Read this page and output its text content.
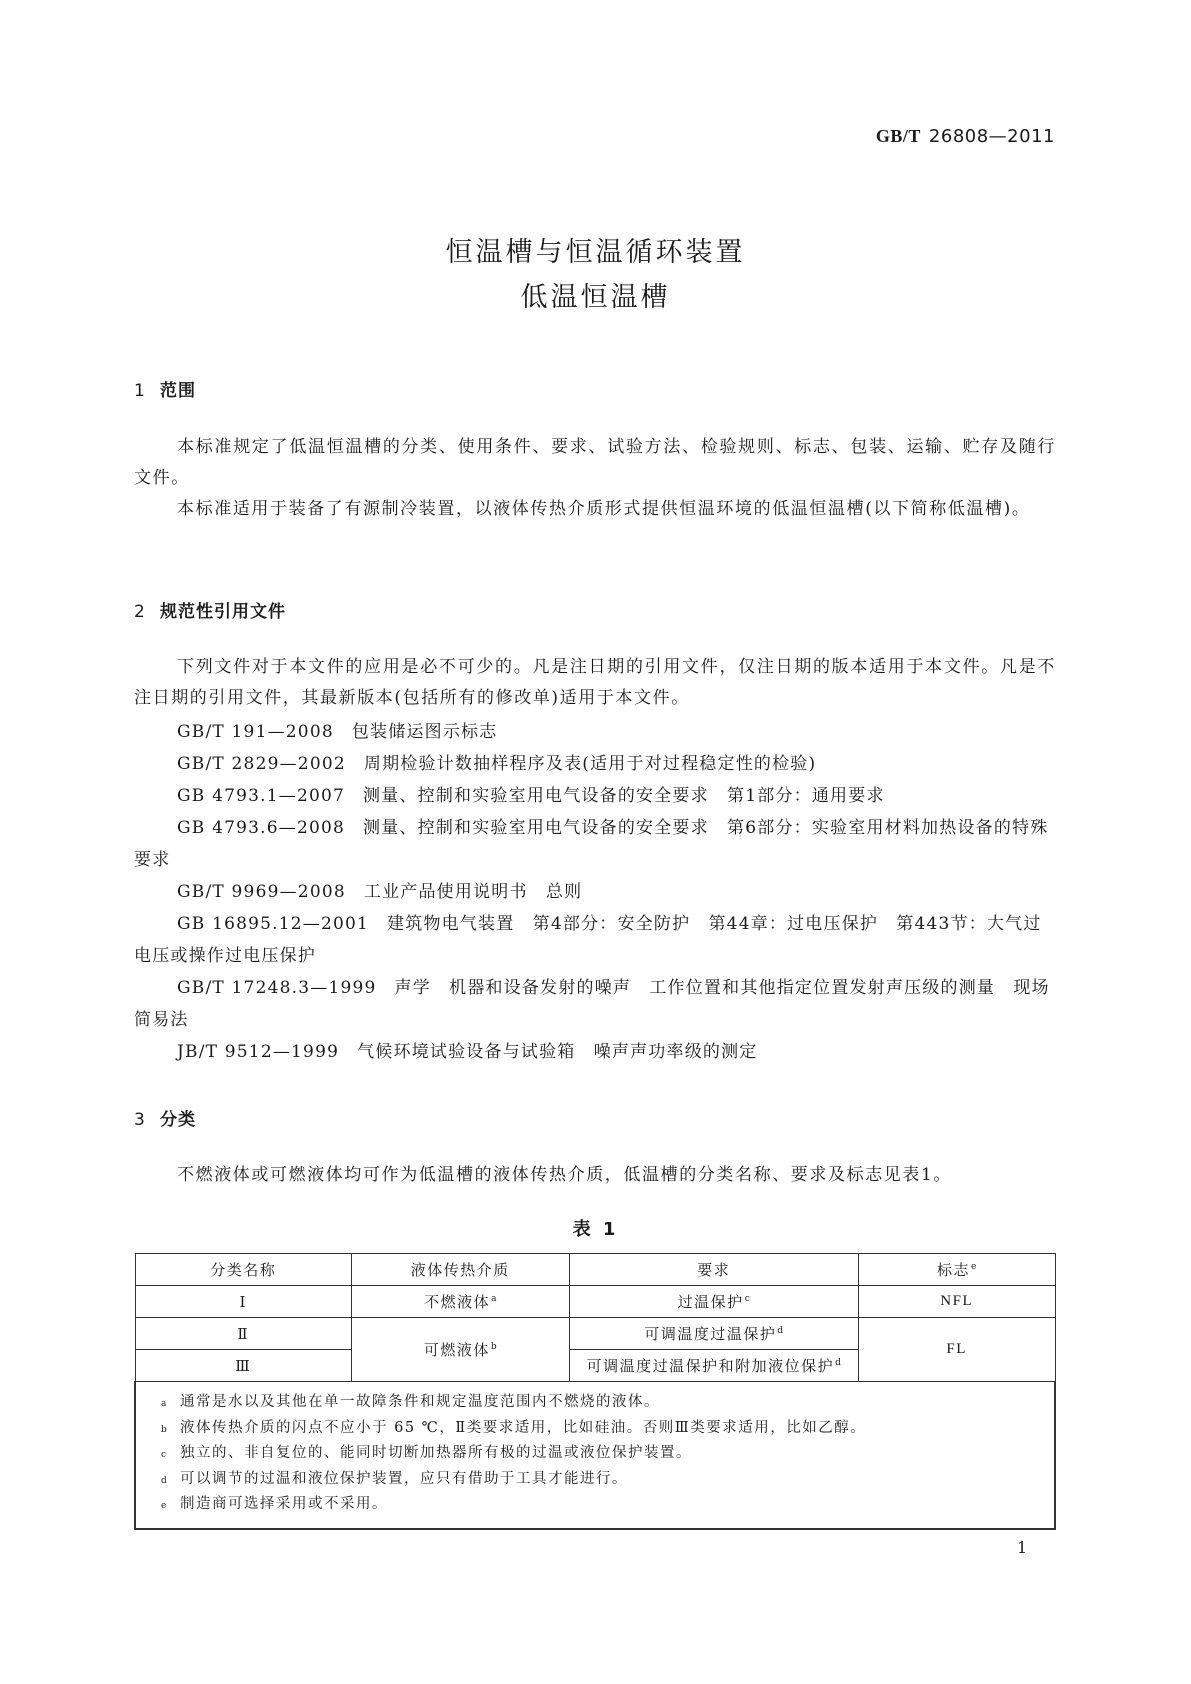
GB/T 26808—2011
恒温槽与恒温循环装置
低温恒温槽
1 范围
本标准规定了低温恒温槽的分类、使用条件、要求、试验方法、检验规则、标志、包装、运输、贮存及随行文件。
本标准适用于装备了有源制冷装置，以液体传热介质形式提供恒温环境的低温恒温槽(以下简称低温槽)。
2 规范性引用文件
下列文件对于本文件的应用是必不可少的。凡是注日期的引用文件，仅注日期的版本适用于本文件。凡是不注日期的引用文件，其最新版本(包括所有的修改单)适用于本文件。
GB/T 191—2008 包装储运图示标志
GB/T 2829—2002 周期检验计数抽样程序及表(适用于对过程稳定性的检验)
GB 4793.1—2007 测量、控制和实验室用电气设备的安全要求　第1部分：通用要求
GB 4793.6—2008 测量、控制和实验室用电气设备的安全要求　第6部分：实验室用材料加热设备的特殊要求
GB/T 9969—2008 工业产品使用说明书　总则
GB 16895.12—2001 建筑物电气装置　第4部分：安全防护　第44章：过电压保护　第443节：大气过电压或操作过电压保护
GB/T 17248.3—1999 声学　机器和设备发射的噪声　工作位置和其他指定位置发射声压级的测量　现场简易法
JB/T 9512—1999 气候环境试验设备与试验箱　噪声声功率级的测定
3 分类
不燃液体或可燃液体均可作为低温槽的液体传热介质，低温槽的分类名称、要求及标志见表1。
表 1
分类名称	液体传热介质	要求	标志$^e$
Ⅰ	不燃液体$^a$	过温保护$^c$	NFL
Ⅱ	可燃液体$^b$	可调温度过温保护$^d$	FL
Ⅲ		可调温度过温保护和附加液位保护$^d$

a 通常是水以及其他在单一故障条件和规定温度范围内不燃烧的液体。
b 液体传热介质的闪点不应小于 65 ℃，Ⅱ类要求适用，比如硅油。否则Ⅲ类要求适用，比如乙醇。
c 独立的、非自复位的、能同时切断加热器所有极的过温或液位保护装置。
d 可以调节的过温和液位保护装置，应只有借助于工具才能进行。
e 制造商可选择采用或不采用。
1
